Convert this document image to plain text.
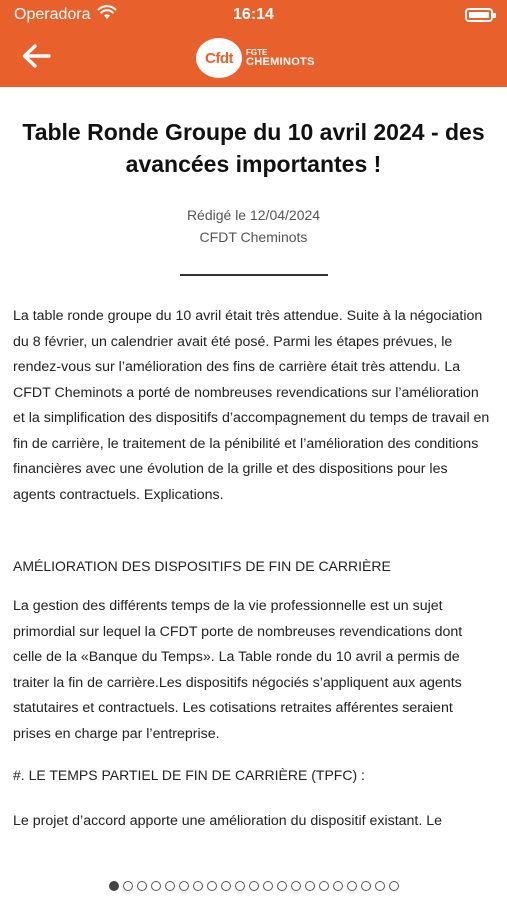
Operadora	16:14
Cfdt	FGTE
CHEMINOTS
Table Ronde Groupe du 10 avril 2024 - des avancées importantes !
Rédigé le 12/04/2024
CFDT Cheminots

La table ronde groupe du 10 avril était très attendue. Suite à la négociation du 8 février, un calendrier avait été posé. Parmi les étapes prévues, le rendez-vous sur l’amélioration des fins de carrière était très attendu. La CFDT Cheminots a porté de nombreuses revendications sur l’amélioration et la simplification des dispositifs d’accompagnement du temps de travail en fin de carrière, le traitement de la pénibilité et l’amélioration des conditions financières avec une évolution de la grille et des dispositions pour les agents contractuels. Explications.

AMÉLIORATION DES DISPOSITIFS DE FIN DE CARRIÈRE

La gestion des différents temps de la vie professionnelle est un sujet primordial sur lequel la CFDT porte de nombreuses revendications dont celle de la «Banque du Temps». La Table ronde du 10 avril a permis de traiter la fin de carrière.Les dispositifs négociés s’appliquent aux agents statutaires et contractuels. Les cotisations retraites afférentes seraient prises en charge par l’entreprise.

#. LE TEMPS PARTIEL DE FIN DE CARRIÈRE (TPFC) :

Le projet d’accord apporte une amélioration du dispositif existant. Le
